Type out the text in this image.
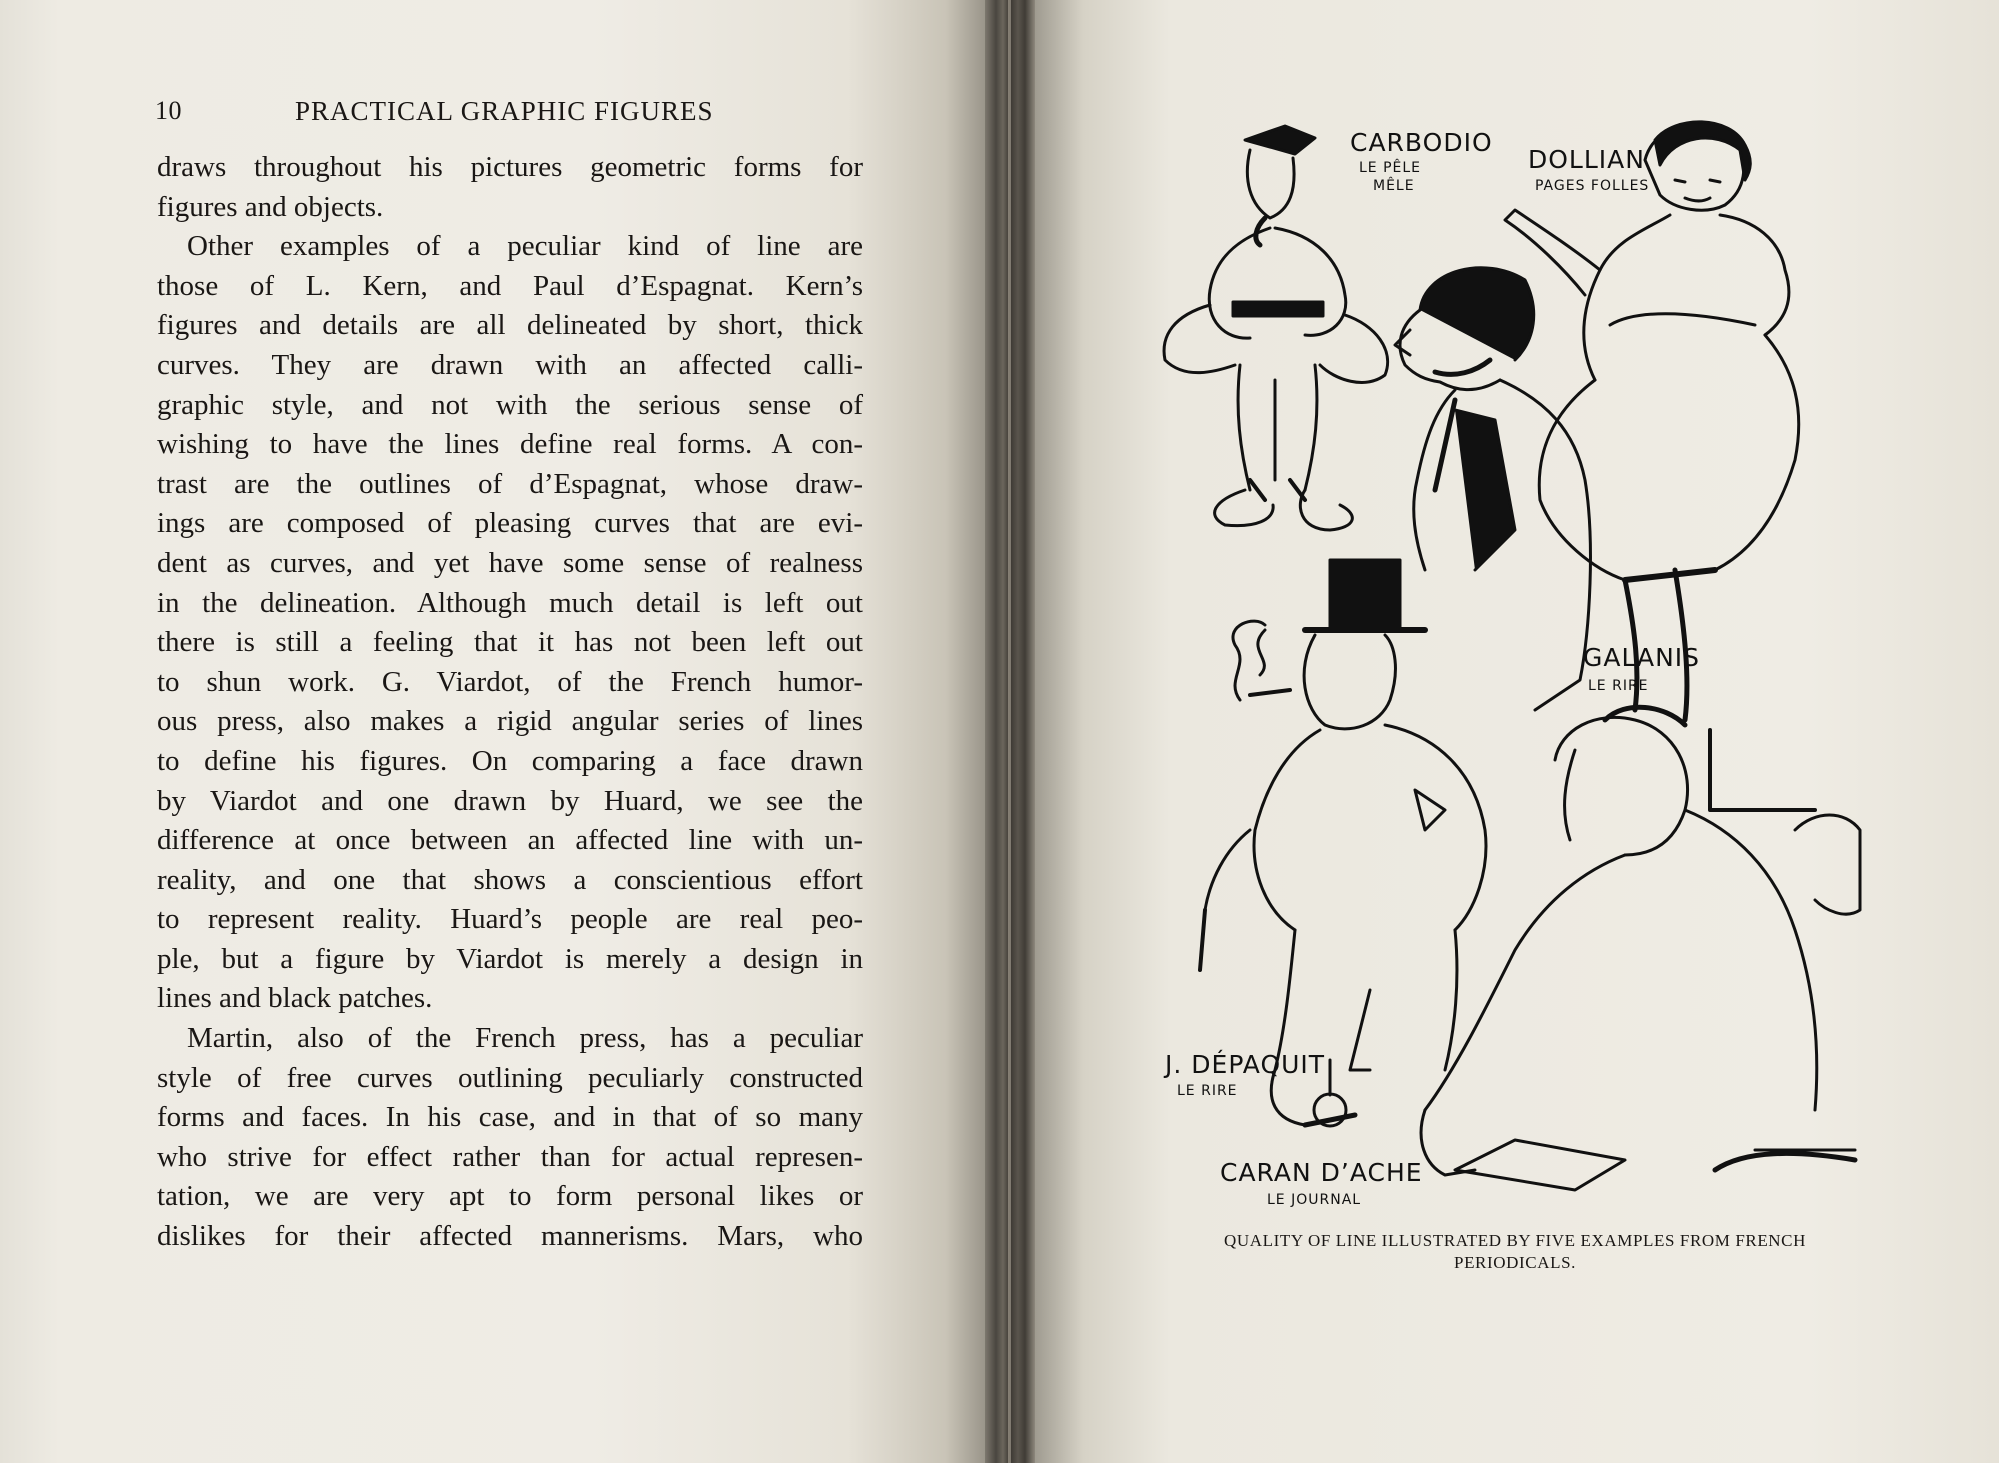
10	PRACTICAL GRAPHIC FIGURES
draws throughout his pictures geometric forms for
figures and objects.
Other examples of a peculiar kind of line are
those of L. Kern, and Paul d’Espagnat. Kern’s
figures and details are all delineated by short, thick
curves. They are drawn with an affected calli-
graphic style, and not with the serious sense of
wishing to have the lines define real forms. A con-
trast are the outlines of d’Espagnat, whose draw-
ings are composed of pleasing curves that are evi-
dent as curves, and yet have some sense of realness
in the delineation. Although much detail is left out
there is still a feeling that it has not been left out
to shun work. G. Viardot, of the French humor-
ous press, also makes a rigid angular series of lines
to define his figures. On comparing a face drawn
by Viardot and one drawn by Huard, we see the
difference at once between an affected line with un-
reality, and one that shows a conscientious effort
to represent reality. Huard’s people are real peo-
ple, but a figure by Viardot is merely a design in
lines and black patches.
Martin, also of the French press, has a peculiar
style of free curves outlining peculiarly constructed
forms and faces. In his case, and in that of so many
who strive for effect rather than for actual represen-
tation, we are very apt to form personal likes or
dislikes for their affected mannerisms. Mars, who
CARBODIO
LE PÊLE
MÊLE
DOLLIAN
PAGES FOLLES
GALANIS
LE RIRE
J. DÉPAQUIT
LE RIRE
CARAN D’ACHE
LE JOURNAL
QUALITY OF LINE ILLUSTRATED BY FIVE EXAMPLES FROM FRENCH
PERIODICALS.
